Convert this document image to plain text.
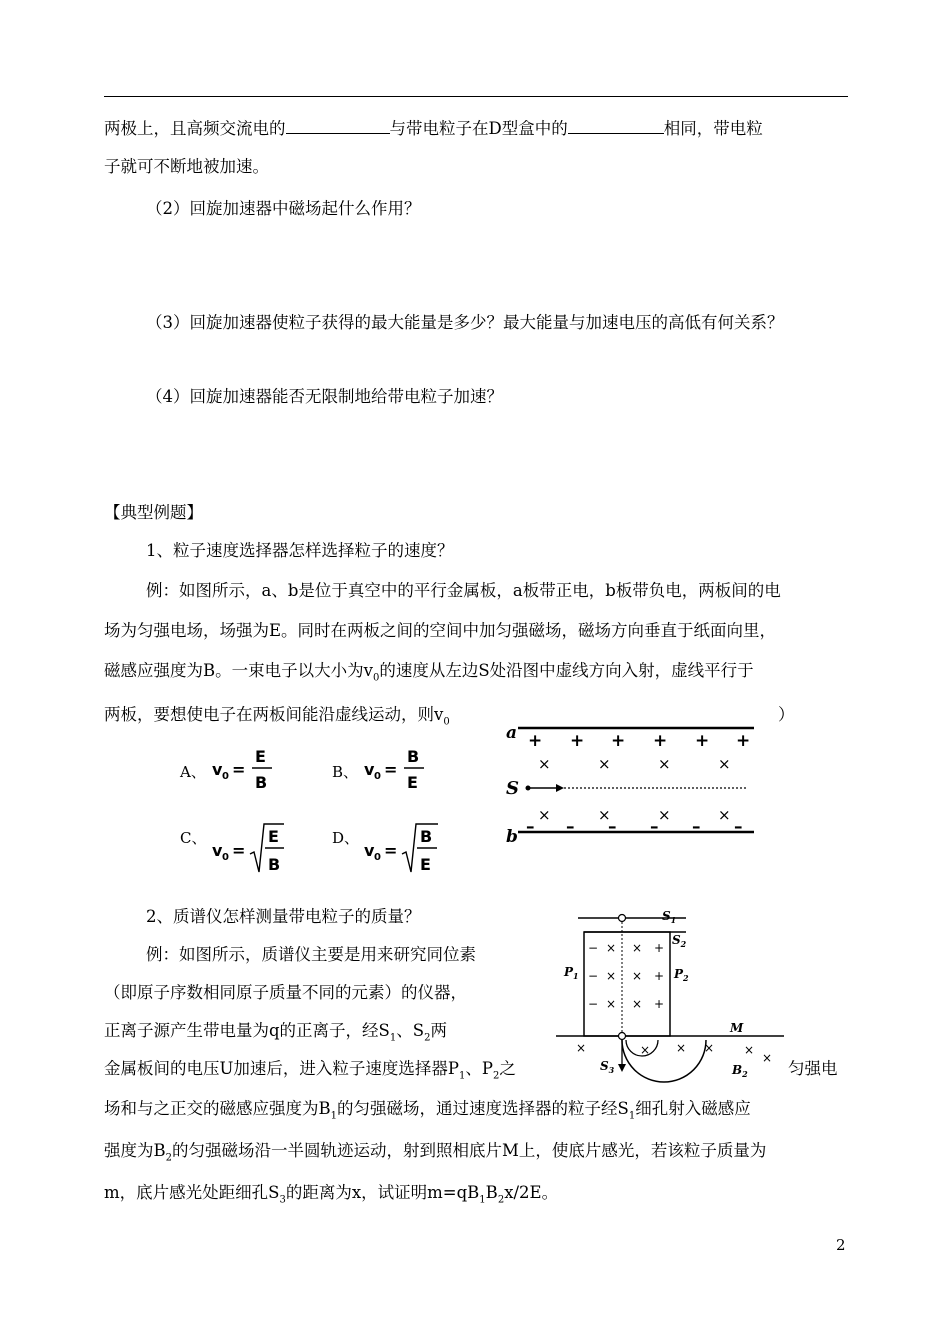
两极上，且高频交流电的	与带电粒子在D型盒中的	相同，带电粒
子就可不断地被加速。
（2）回旋加速器中磁场起什么作用？
（3）回旋加速器使粒子获得的最大能量是多少？最大能量与加速电压的高低有何关系？
（4）回旋加速器能否无限制地给带电粒子加速？
【典型例题】
1、粒子速度选择器怎样选择粒子的速度？
例：如图所示，a、b是位于真空中的平行金属板，a板带正电，b板带负电，两板间的电
场为匀强电场，场强为E。同时在两板之间的空间中加匀强磁场，磁场方向垂直于纸面向里，
磁感应强度为B。一束电子以大小为$v_0$的速度从左边S处沿图中虚线方向入射，虚线平行于
两板，要想使电子在两板间能沿虚线运动，则$v_0$	）
A、 v 0 =
E
B
B、 v 0 =
B
E
C、
v 0 =
E
B
D、
v 0 =
B
E
a + + + + + +
×	×	×	×
×	×	×	×
S
– – – – – –
b
2、质谱仪怎样测量带电粒子的质量？
例：如图所示，质谱仪主要是用来研究同位素
（即原子序数相同原子质量不同的元素）的仪器，
正离子源产生带电量为q的正离子，经$S_1$、$S_2$两
金属板间的电压U加速后，进入粒子速度选择器$P_1$、$P_2$之	匀强电
场和与之正交的磁感应强度为$B_1$的匀强磁场，通过速度选择器的粒子经$S_1$细孔射入磁感应
强度为$B_2$的匀强磁场沿一半圆轨迹运动，射到照相底片M上，使底片感光，若该粒子质量为
m，底片感光处距细孔$S_3$的距离为x，试证明$m=qB_1B_2x/2E$。
$S_1$
$S_2$
$P_1$	$P_2$
−
−
−
×
×
×
×
×
×
+
+
+
M
$S_3$	$B_2$
×	× × × ×
×
2
